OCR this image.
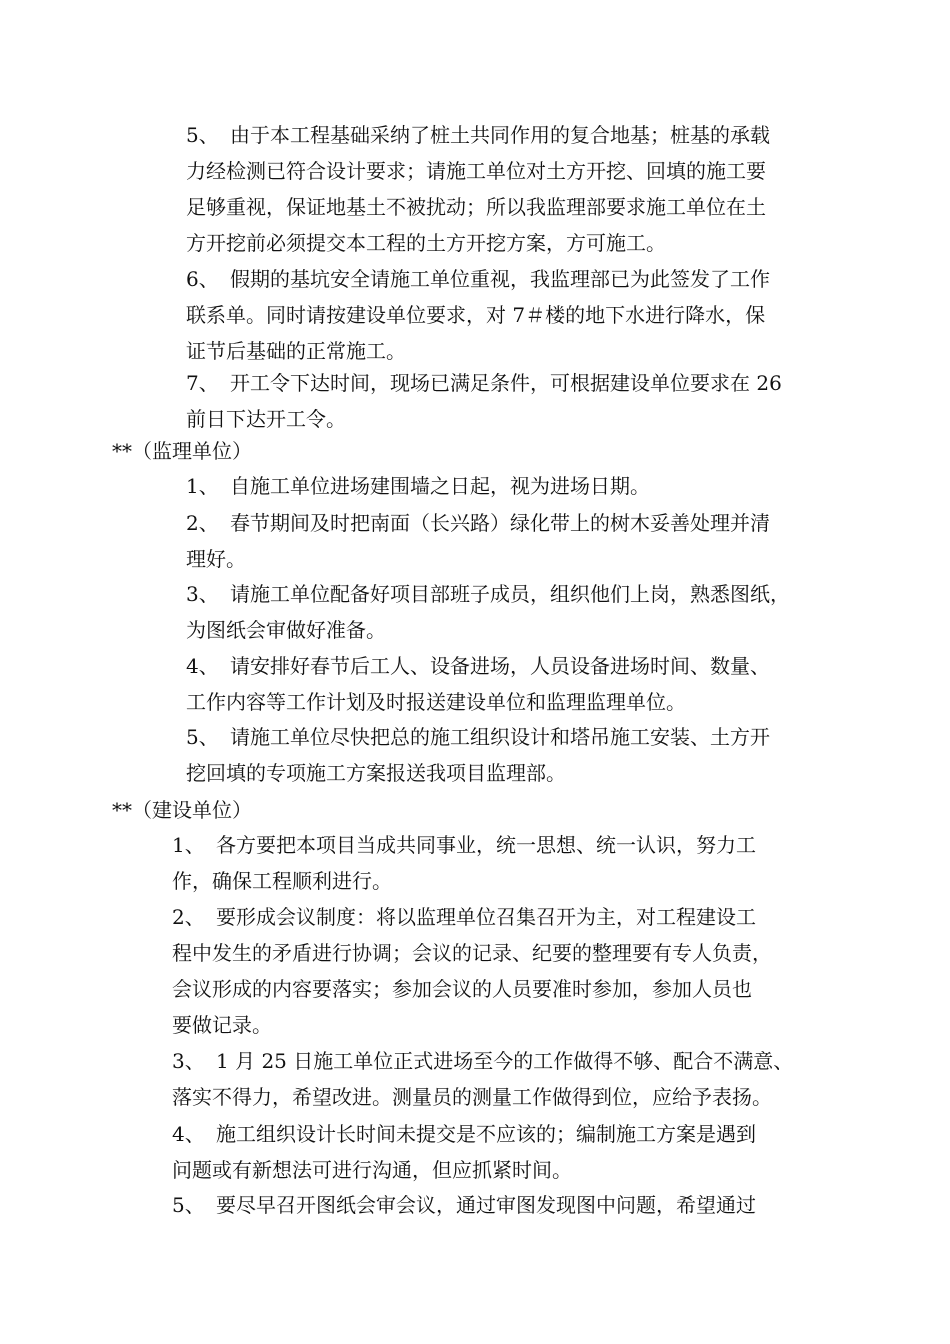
5、 由于本工程基础采纳了桩土共同作用的复合地基；桩基的承载
力经检测已符合设计要求；请施工单位对土方开挖、回填的施工要
足够重视，保证地基土不被扰动；所以我监理部要求施工单位在土
方开挖前必须提交本工程的土方开挖方案，方可施工。
6、 假期的基坑安全请施工单位重视，我监理部已为此签发了工作
联系单。同时请按建设单位要求，对 7＃楼的地下水进行降水，保
证节后基础的正常施工。
7、 开工令下达时间，现场已满足条件，可根据建设单位要求在 26
前日下达开工令。
**（监理单位）
1、 自施工单位进场建围墙之日起，视为进场日期。
2、 春节期间及时把南面（长兴路）绿化带上的树木妥善处理并清
理好。
3、 请施工单位配备好项目部班子成员，组织他们上岗，熟悉图纸，
为图纸会审做好准备。
4、 请安排好春节后工人、设备进场，人员设备进场时间、数量、
工作内容等工作计划及时报送建设单位和监理监理单位。
5、 请施工单位尽快把总的施工组织设计和塔吊施工安装、土方开
挖回填的专项施工方案报送我项目监理部。
**（建设单位）
1、 各方要把本项目当成共同事业，统一思想、统一认识，努力工
作，确保工程顺利进行。
2、 要形成会议制度：将以监理单位召集召开为主，对工程建设工
程中发生的矛盾进行协调；会议的记录、纪要的整理要有专人负责，
会议形成的内容要落实；参加会议的人员要准时参加，参加人员也
要做记录。
3、 1 月 25 日施工单位正式进场至今的工作做得不够、配合不满意、
落实不得力，希望改进。测量员的测量工作做得到位，应给予表扬。
4、 施工组织设计长时间未提交是不应该的；编制施工方案是遇到
问题或有新想法可进行沟通，但应抓紧时间。
5、 要尽早召开图纸会审会议，通过审图发现图中问题，希望通过
